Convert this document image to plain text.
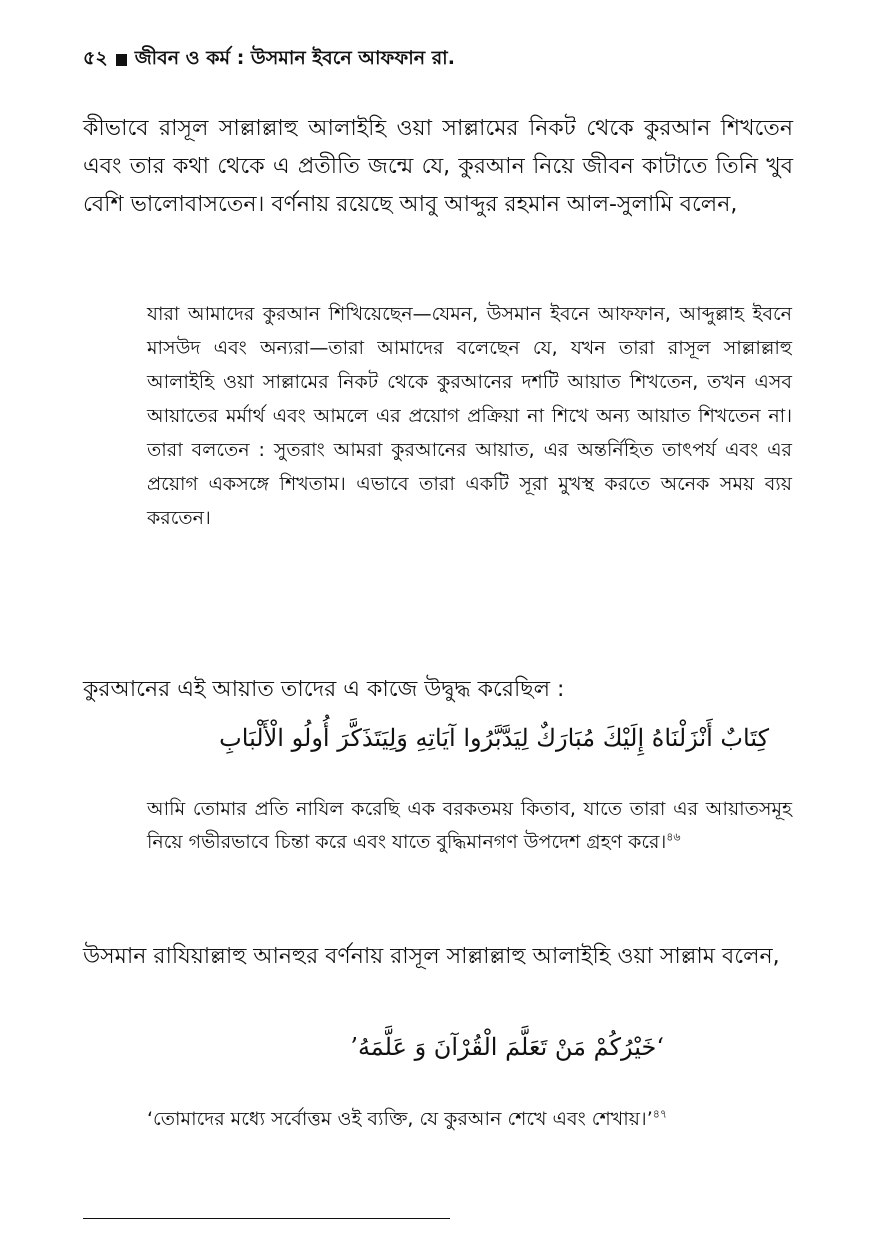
৫২ জীবন ও কর্ম : উসমান ইবনে আফফান রা.

কীভাবে রাসূল সাল্লাল্লাহু আলাইহি ওয়া সাল্লামের নিকট থেকে কুরআন শিখতেন এবং তার কথা থেকে এ প্রতীতি জন্মে যে, কুরআন নিয়ে জীবন কাটাতে তিনি খুব বেশি ভালোবাসতেন। বর্ণনায় রয়েছে আবু আব্দুর রহমান আল-সুলামি বলেন,

যারা আমাদের কুরআন শিখিয়েছেন—যেমন, উসমান ইবনে আফফান, আব্দুল্লাহ ইবনে মাসউদ এবং অন্যরা—তারা আমাদের বলেছেন যে, যখন তারা রাসূল সাল্লাল্লাহু আলাইহি ওয়া সাল্লামের নিকট থেকে কুরআনের দশটি আয়াত শিখতেন, তখন এসব আয়াতের মর্মার্থ এবং আমলে এর প্রয়োগ প্রক্রিয়া না শিখে অন্য আয়াত শিখতেন না। তারা বলতেন : সুতরাং আমরা কুরআনের আয়াত, এর অন্তর্নিহিত তাৎপর্য এবং এর প্রয়োগ একসঙ্গে শিখতাম। এভাবে তারা একটি সূরা মুখস্থ করতে অনেক সময় ব্যয় করতেন।

কুরআনের এই আয়াত তাদের এ কাজে উদ্বুদ্ধ করেছিল :

كِتَابٌ أَنْزَلْنَاهُ إِلَيْكَ مُبَارَكٌ لِيَدَّبَّرُوا آيَاتِهِ وَلِيَتَذَكَّرَ أُولُو الْأَلْبَابِ

আমি তোমার প্রতি নাযিল করেছি এক বরকতময় কিতাব, যাতে তারা এর আয়াতসমূহ নিয়ে গভীরভাবে চিন্তা করে এবং যাতে বুদ্ধিমানগণ উপদেশ গ্রহণ করে।$^{৪৬}$

উসমান রাযিয়াল্লাহু আনহুর বর্ণনায় রাসূল সাল্লাল্লাহু আলাইহি ওয়া সাল্লাম বলেন,

‘خَيْرُكُمْ مَنْ تَعَلَّمَ الْقُرْآنَ وَ عَلَّمَهُ’

‘তোমাদের মধ্যে সর্বোত্তম ওই ব্যক্তি, যে কুরআন শেখে এবং শেখায়।’$^{৪৭}$
